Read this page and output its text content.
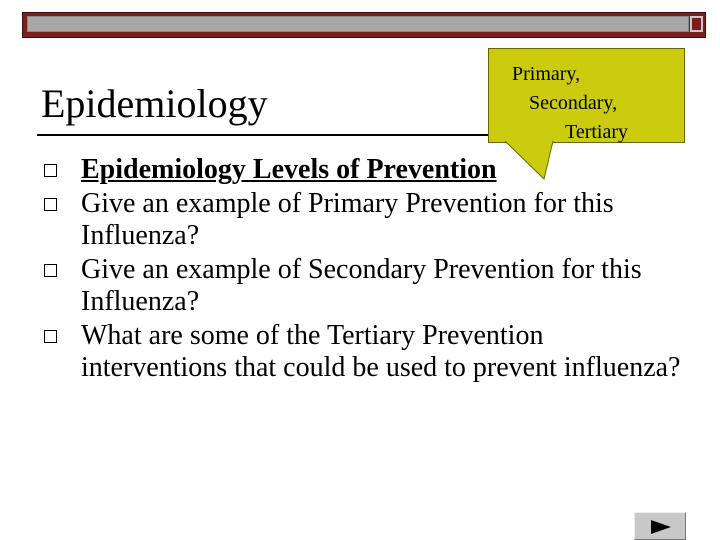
Epidemiology
Primary,
Secondary,
Tertiary
Epidemiology Levels of Prevention
Give an example of Primary Prevention for this Influenza?
Give an example of Secondary Prevention for this Influenza?
What are some of the Tertiary Prevention interventions that could be used to prevent influenza?
